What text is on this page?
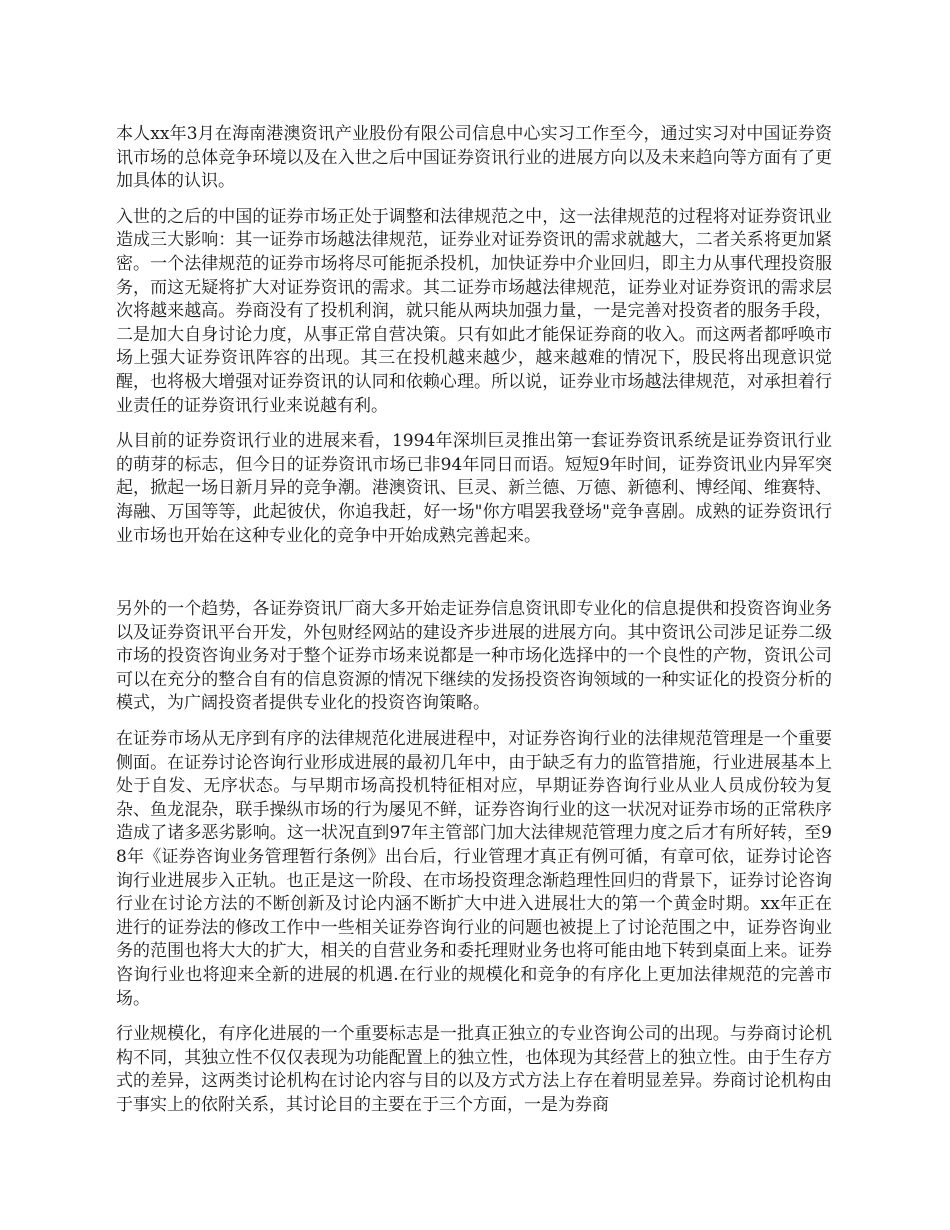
本人xx年3月在海南港澳资讯产业股份有限公司信息中心实习工作至今，通过实习对中国证券资讯市场的总体竞争环境以及在入世之后中国证券资讯行业的进展方向以及未来趋向等方面有了更加具体的认识。

入世的之后的中国的证券市场正处于调整和法律规范之中，这一法律规范的过程将对证券资讯业造成三大影响：其一证券市场越法律规范，证券业对证券资讯的需求就越大，二者关系将更加紧密。一个法律规范的证券市场将尽可能扼杀投机，加快证券中介业回归，即主力从事代理投资服务，而这无疑将扩大对证券资讯的需求。其二证券市场越法律规范，证券业对证券资讯的需求层次将越来越高。券商没有了投机利润，就只能从两块加强力量，一是完善对投资者的服务手段，二是加大自身讨论力度，从事正常自营决策。只有如此才能保证券商的收入。而这两者都呼唤市场上强大证券资讯阵容的出现。其三在投机越来越少，越来越难的情况下，股民将出现意识觉醒，也将极大增强对证券资讯的认同和依赖心理。所以说，证券业市场越法律规范，对承担着行业责任的证券资讯行业来说越有利。

从目前的证券资讯行业的进展来看，1994年深圳巨灵推出第一套证券资讯系统是证券资讯行业的萌芽的标志，但今日的证券资讯市场已非94年同日而语。短短9年时间，证券资讯业内异军突起，掀起一场日新月异的竞争潮。港澳资讯、巨灵、新兰德、万德、新德利、博经闻、维赛特、海融、万国等等，此起彼伏，你追我赶，好一场"你方唱罢我登场"竞争喜剧。成熟的证券资讯行业市场也开始在这种专业化的竞争中开始成熟完善起来。

另外的一个趋势，各证券资讯厂商大多开始走证券信息资讯即专业化的信息提供和投资咨询业务以及证券资讯平台开发，外包财经网站的建设齐步进展的进展方向。其中资讯公司涉足证券二级市场的投资咨询业务对于整个证券市场来说都是一种市场化选择中的一个良性的产物，资讯公司可以在充分的整合自有的信息资源的情况下继续的发扬投资咨询领域的一种实证化的投资分析的模式，为广阔投资者提供专业化的投资咨询策略。

在证券市场从无序到有序的法律规范化进展进程中，对证券咨询行业的法律规范管理是一个重要侧面。在证券讨论咨询行业形成进展的最初几年中，由于缺乏有力的监管措施，行业进展基本上处于自发、无序状态。与早期市场高投机特征相对应，早期证券咨询行业从业人员成份较为复杂、鱼龙混杂，联手操纵市场的行为屡见不鲜，证券咨询行业的这一状况对证券市场的正常秩序造成了诸多恶劣影响。这一状况直到97年主管部门加大法律规范管理力度之后才有所好转，至98年《证券咨询业务管理暂行条例》出台后，行业管理才真正有例可循，有章可依，证券讨论咨询行业进展步入正轨。也正是这一阶段、在市场投资理念渐趋理性回归的背景下，证券讨论咨询行业在讨论方法的不断创新及讨论内涵不断扩大中进入进展壮大的第一个黄金时期。xx年正在进行的证券法的修改工作中一些相关证券咨询行业的问题也被提上了讨论范围之中，证券咨询业务的范围也将大大的扩大，相关的自营业务和委托理财业务也将可能由地下转到桌面上来。证券咨询行业也将迎来全新的进展的机遇.在行业的规模化和竞争的有序化上更加法律规范的完善市场。

行业规模化，有序化进展的一个重要标志是一批真正独立的专业咨询公司的出现。与券商讨论机构不同，其独立性不仅仅表现为功能配置上的独立性，也体现为其经营上的独立性。由于生存方式的差异，这两类讨论机构在讨论内容与目的以及方式方法上存在着明显差异。券商讨论机构由于事实上的依附关系，其讨论目的主要在于三个方面，一是为券商
